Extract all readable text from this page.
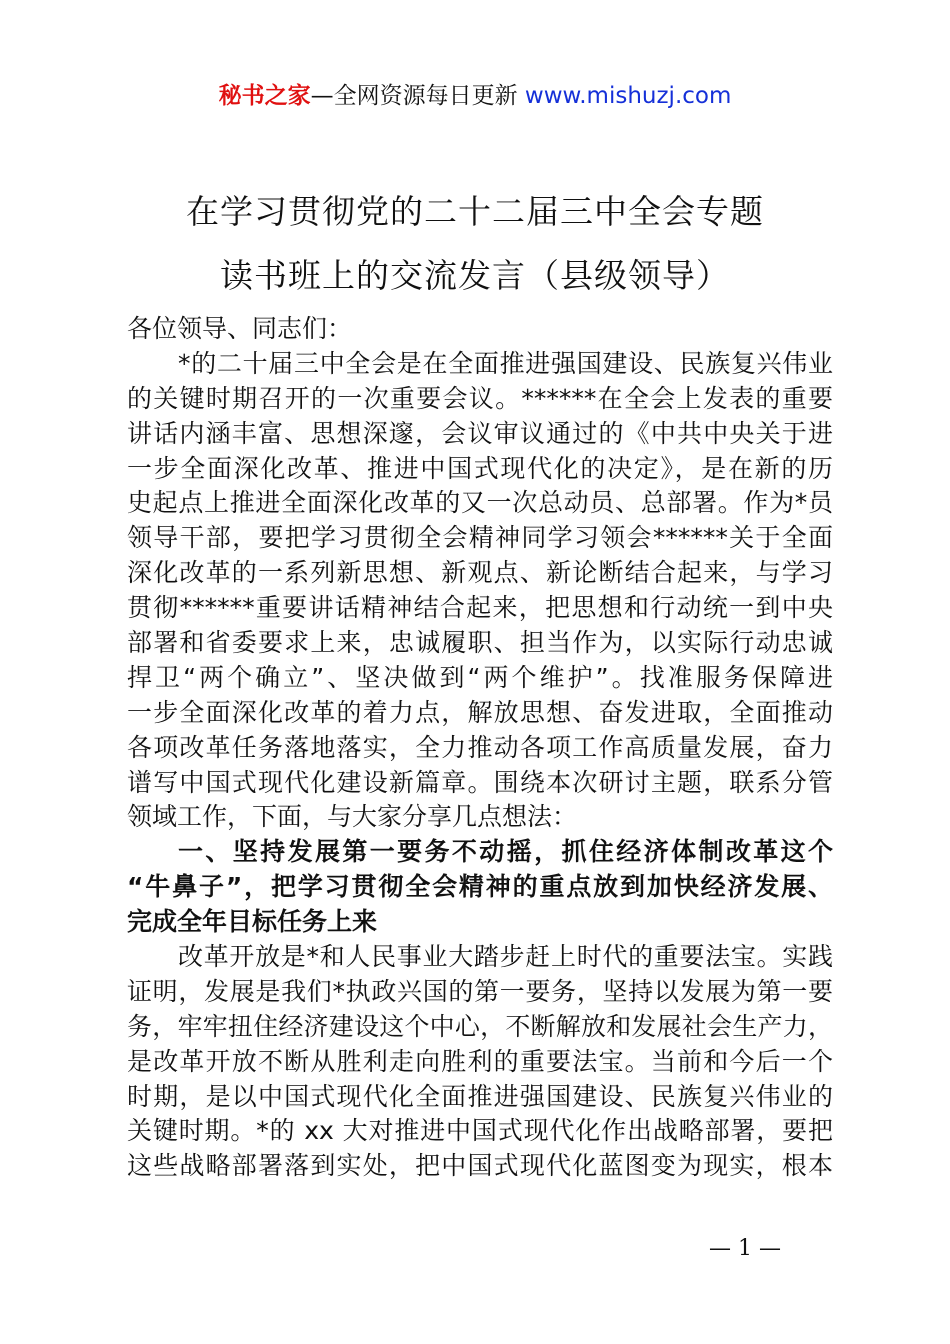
秘书之家—全网资源每日更新 www.mishuzj.com
在学习贯彻党的二十二届三中全会专题
读书班上的交流发言（县级领导）
各位领导、同志们：
*的二十届三中全会是在全面推进强国建设、民族复兴伟业
的关键时期召开的一次重要会议。******在全会上发表的重要
讲话内涵丰富、思想深邃，会议审议通过的《中共中央关于进
一步全面深化改革、推进中国式现代化的决定》，是在新的历
史起点上推进全面深化改革的又一次总动员、总部署。作为*员
领导干部，要把学习贯彻全会精神同学习领会******关于全面
深化改革的一系列新思想、新观点、新论断结合起来，与学习
贯彻******重要讲话精神结合起来，把思想和行动统一到中央
部署和省委要求上来，忠诚履职、担当作为，以实际行动忠诚
捍卫“两个确立”、坚决做到“两个维护”。找准服务保障进
一步全面深化改革的着力点，解放思想、奋发进取，全面推动
各项改革任务落地落实，全力推动各项工作高质量发展，奋力
谱写中国式现代化建设新篇章。围绕本次研讨主题，联系分管
领域工作，下面，与大家分享几点想法：
一、坚持发展第一要务不动摇，抓住经济体制改革这个
“牛鼻子”，把学习贯彻全会精神的重点放到加快经济发展、
完成全年目标任务上来
改革开放是*和人民事业大踏步赶上时代的重要法宝。实践
证明，发展是我们*执政兴国的第一要务，坚持以发展为第一要
务，牢牢扭住经济建设这个中心，不断解放和发展社会生产力，
是改革开放不断从胜利走向胜利的重要法宝。当前和今后一个
时期，是以中国式现代化全面推进强国建设、民族复兴伟业的
关键时期。*的 xx 大对推进中国式现代化作出战略部署，要把
这些战略部署落到实处，把中国式现代化蓝图变为现实，根本
— 1 —
